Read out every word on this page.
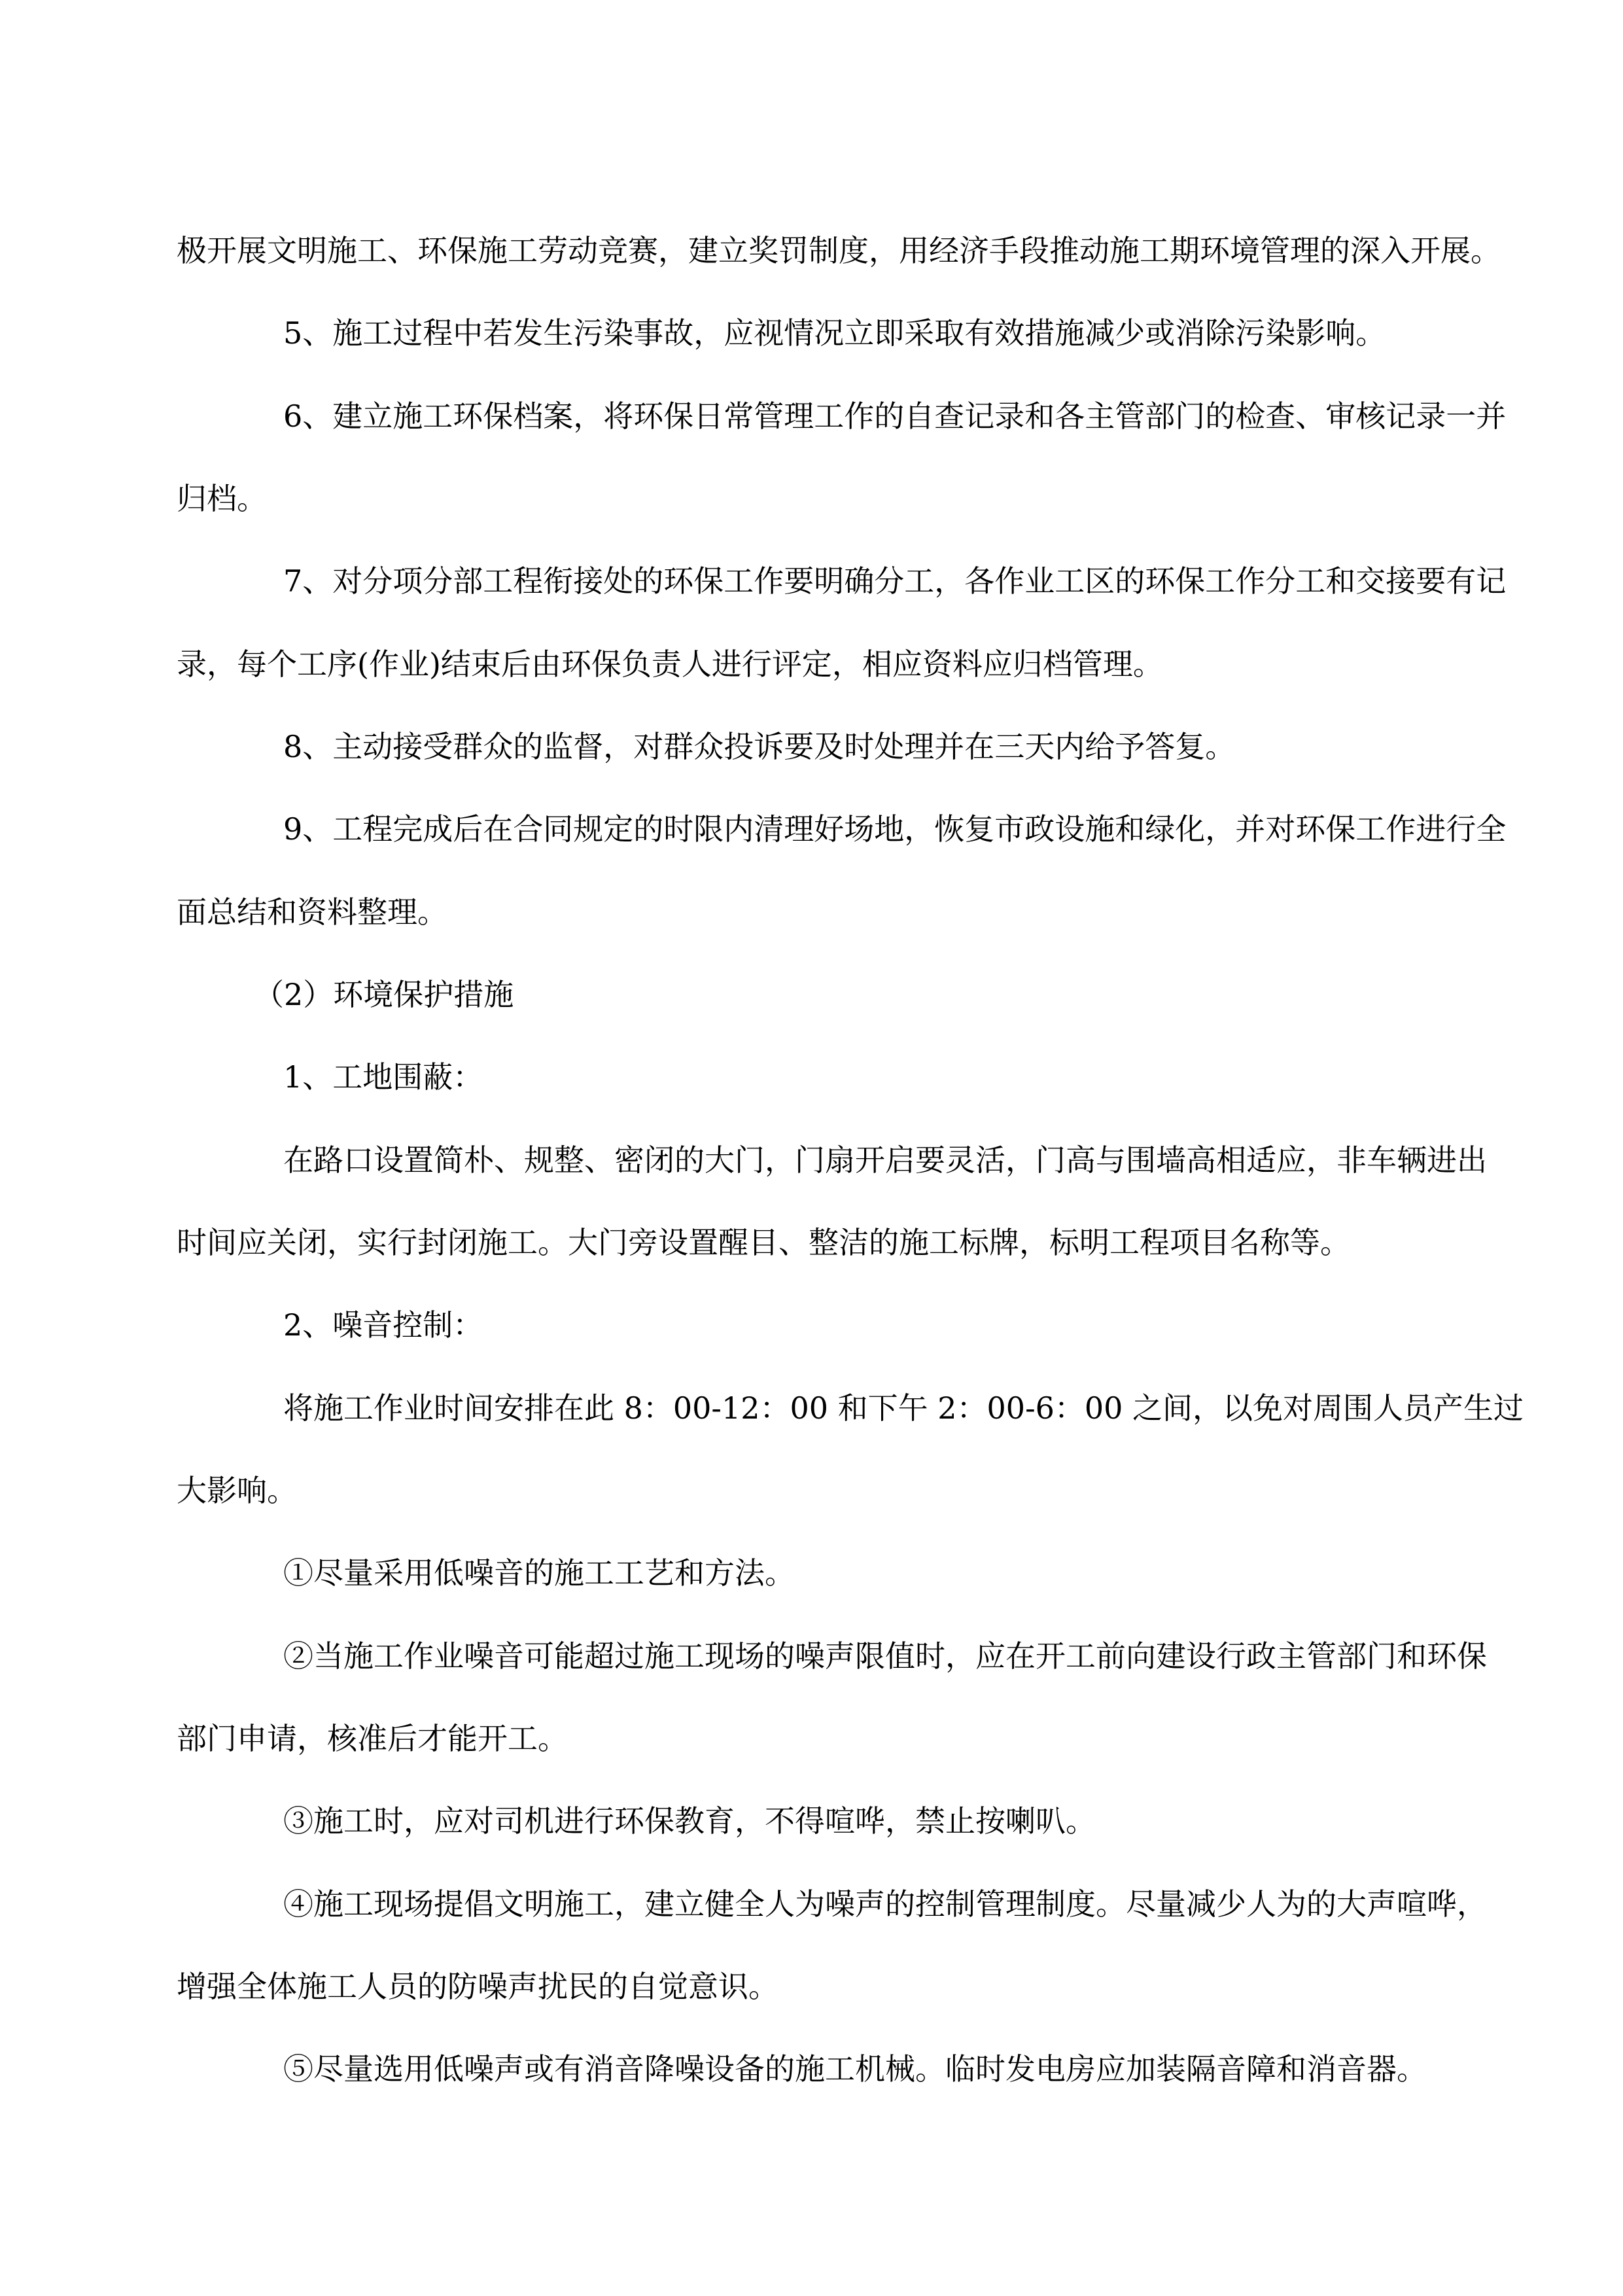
极开展文明施工、环保施工劳动竞赛，建立奖罚制度，用经济手段推动施工期环境管理的深入开展。
5、施工过程中若发生污染事故，应视情况立即采取有效措施减少或消除污染影响。
6、建立施工环保档案，将环保日常管理工作的自查记录和各主管部门的检查、审核记录一并
归档。
7、对分项分部工程衔接处的环保工作要明确分工，各作业工区的环保工作分工和交接要有记
录，每个工序(作业)结束后由环保负责人进行评定，相应资料应归档管理。
8、主动接受群众的监督，对群众投诉要及时处理并在三天内给予答复。
9、工程完成后在合同规定的时限内清理好场地，恢复市政设施和绿化，并对环保工作进行全
面总结和资料整理。
（2）环境保护措施
1、工地围蔽：
在路口设置简朴、规整、密闭的大门，门扇开启要灵活，门高与围墙高相适应，非车辆进出
时间应关闭，实行封闭施工。大门旁设置醒目、整洁的施工标牌，标明工程项目名称等。
2、噪音控制：
将施工作业时间安排在此 8：00-12：00 和下午 2：00-6：00 之间，以免对周围人员产生过
大影响。
①尽量采用低噪音的施工工艺和方法。
②当施工作业噪音可能超过施工现场的噪声限值时，应在开工前向建设行政主管部门和环保
部门申请，核准后才能开工。
③施工时，应对司机进行环保教育，不得喧哗，禁止按喇叭。
④施工现场提倡文明施工，建立健全人为噪声的控制管理制度。尽量减少人为的大声喧哗，
增强全体施工人员的防噪声扰民的自觉意识。
⑤尽量选用低噪声或有消音降噪设备的施工机械。临时发电房应加装隔音障和消音器。
